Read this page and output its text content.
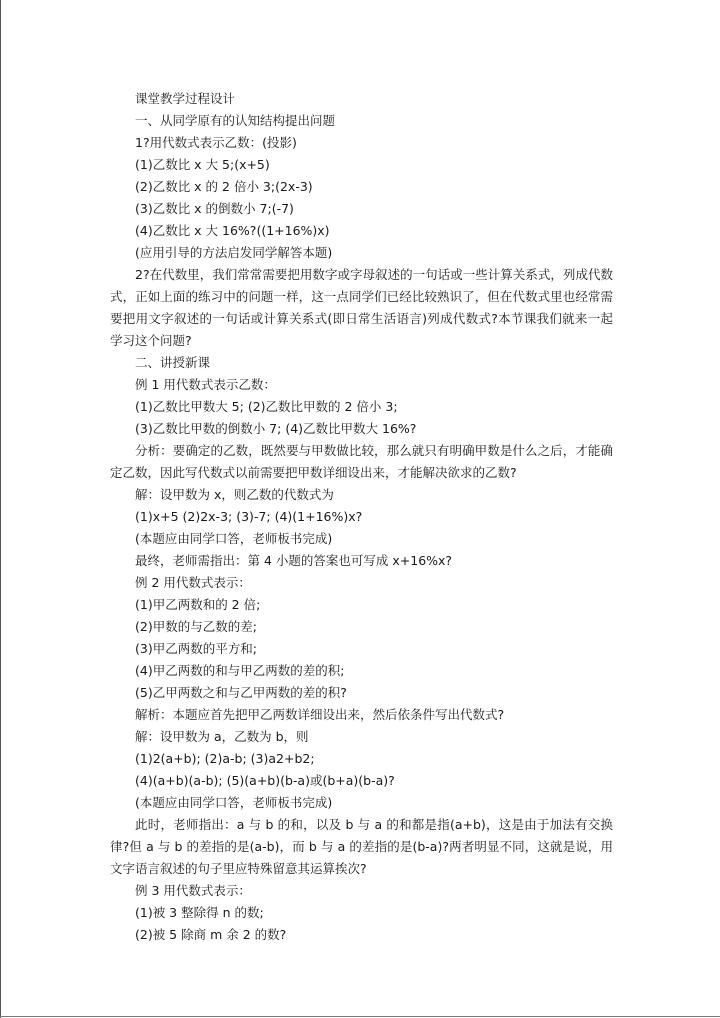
课堂教学过程设计
一、从同学原有的认知结构提出问题
1?用代数式表示乙数：(投影)
(1)乙数比 x 大 5;(x+5)
(2)乙数比 x 的 2 倍小 3;(2x-3)
(3)乙数比 x 的倒数小 7;(-7)
(4)乙数比 x 大 16%?((1+16%)x)
(应用引导的方法启发同学解答本题)
2?在代数里，我们常常需要把用数字或字母叙述的一句话或一些计算关系式，列成代数式，正如上面的练习中的问题一样，这一点同学们已经比较熟识了，但在代数式里也经常需要把用文字叙述的一句话或计算关系式(即日常生活语言)列成代数式?本节课我们就来一起学习这个问题?
二、讲授新课
例 1 用代数式表示乙数：
(1)乙数比甲数大 5; (2)乙数比甲数的 2 倍小 3;
(3)乙数比甲数的倒数小 7; (4)乙数比甲数大 16%?
分析：要确定的乙数，既然要与甲数做比较，那么就只有明确甲数是什么之后，才能确定乙数，因此写代数式以前需要把甲数详细设出来，才能解决欲求的乙数?
解：设甲数为 x，则乙数的代数式为
(1)x+5 (2)2x-3; (3)-7; (4)(1+16%)x?
(本题应由同学口答，老师板书完成)
最终，老师需指出：第 4 小题的答案也可写成 x+16%x?
例 2 用代数式表示：
(1)甲乙两数和的 2 倍;
(2)甲数的与乙数的差;
(3)甲乙两数的平方和;
(4)甲乙两数的和与甲乙两数的差的积;
(5)乙甲两数之和与乙甲两数的差的积?
解析：本题应首先把甲乙两数详细设出来，然后依条件写出代数式?
解：设甲数为 a，乙数为 b，则
(1)2(a+b); (2)a-b; (3)a2+b2;
(4)(a+b)(a-b); (5)(a+b)(b-a)或(b+a)(b-a)?
(本题应由同学口答，老师板书完成)
此时，老师指出：a 与 b 的和，以及 b 与 a 的和都是指(a+b)，这是由于加法有交换律?但 a 与 b 的差指的是(a-b)，而 b 与 a 的差指的是(b-a)?两者明显不同，这就是说，用文字语言叙述的句子里应特殊留意其运算挨次?
例 3 用代数式表示：
(1)被 3 整除得 n 的数;
(2)被 5 除商 m 余 2 的数?
